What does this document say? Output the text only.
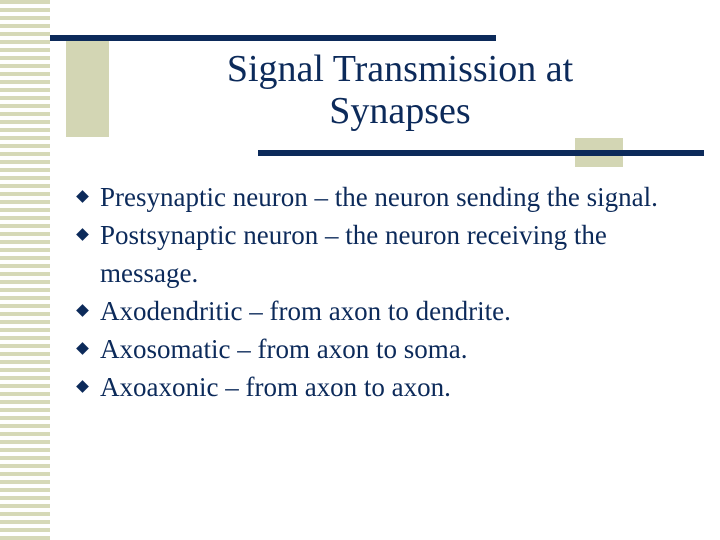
Signal Transmission at
Synapses
Presynaptic neuron – the neuron sending the signal.
Postsynaptic neuron – the neuron receiving the message.
Axodendritic – from axon to dendrite.
Axosomatic – from axon to soma.
Axoaxonic – from axon to axon.
